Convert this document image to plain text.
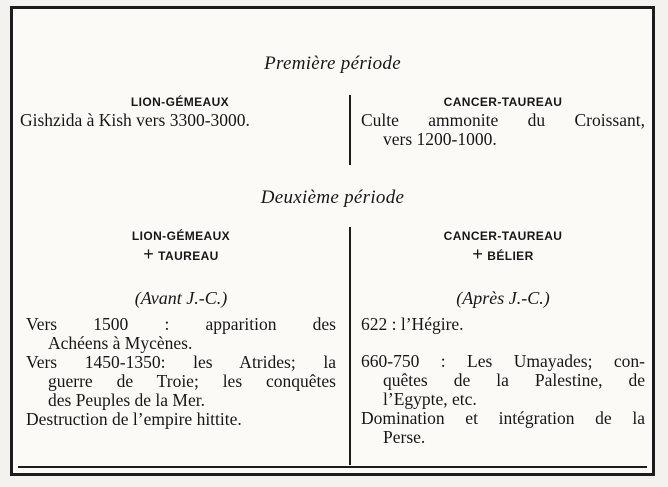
Première période
LION-GÉMEAUX
Gishzida à Kish vers 3300-3000.
CANCER-TAUREAU
Culte ammonite du Croissant,
vers 1200-1000.
Deuxième période
LION-GÉMEAUX
+ TAUREAU
(Avant J.-C.)
Vers 1500 : apparition des
Achéens à Mycènes.
Vers 1450-1350: les Atrides; la
guerre de Troie; les conquêtes
des Peuples de la Mer.
Destruction de l’empire hittite.
CANCER-TAUREAU
+ BÉLIER
(Après J.-C.)
622 : l’Hégire.
660-750 : Les Umayades; con-
quêtes de la Palestine, de
l’Egypte, etc.
Domination et intégration de la
Perse.
